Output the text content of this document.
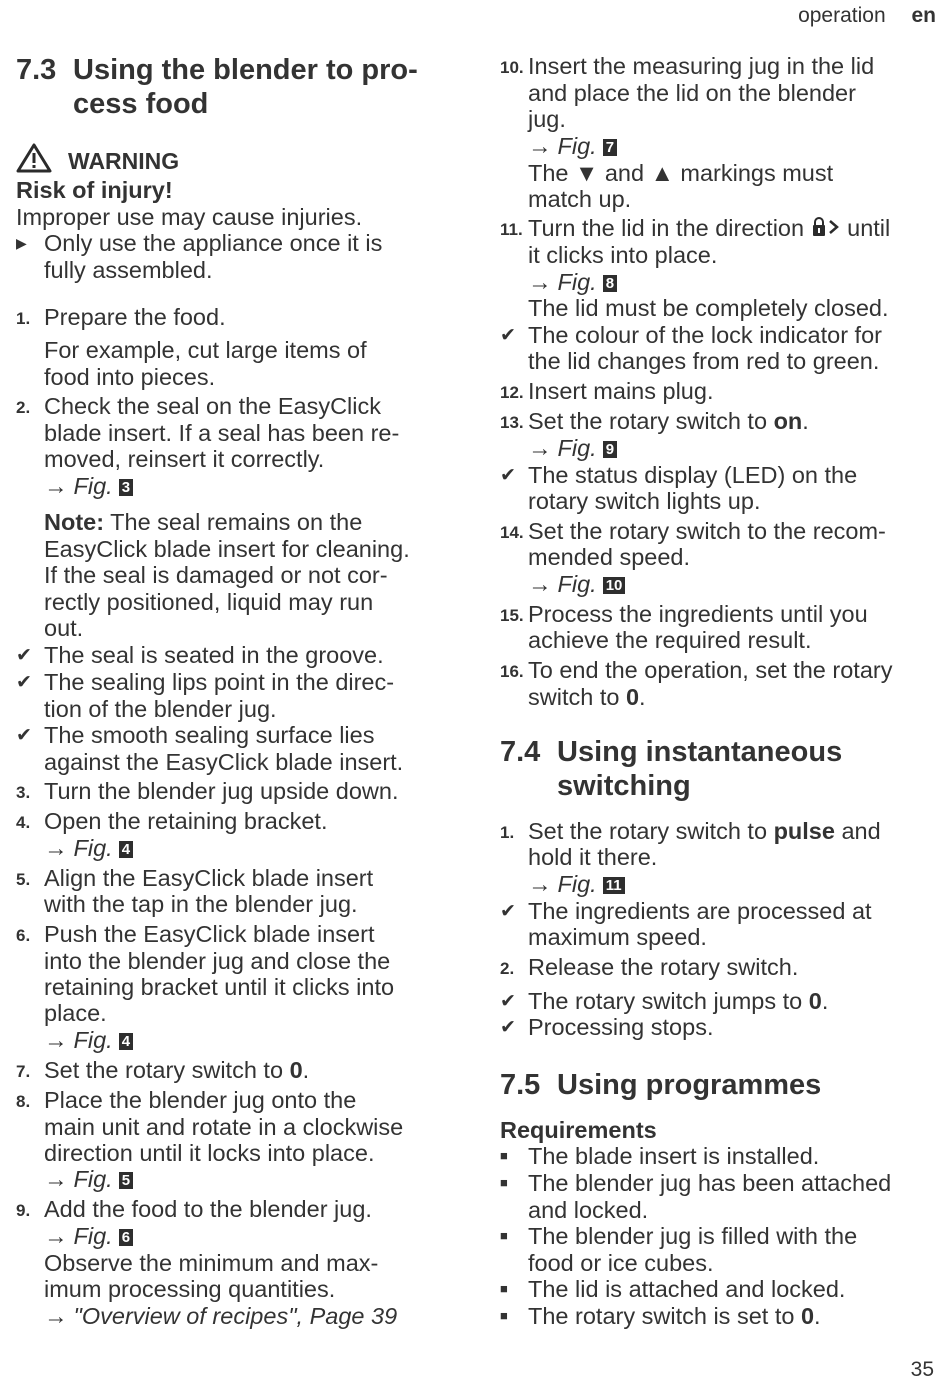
operation en
7.3 Using the blender to pro-cess food
WARNING
Risk of injury!
Improper use may cause injuries.
▶ Only use the appliance once it is
fully assembled.
1. Prepare the food.
For example, cut large items of
food into pieces.
2. Check the seal on the EasyClick
blade insert. If a seal has been re-
moved, reinsert it correctly.
→ Fig. 3
Note: The seal remains on the
EasyClick blade insert for cleaning.
If the seal is damaged or not cor-
rectly positioned, liquid may run
out.
✔ The seal is seated in the groove.
✔ The sealing lips point in the direc-
tion of the blender jug.
✔ The smooth sealing surface lies
against the EasyClick blade insert.
3. Turn the blender jug upside down.
4. Open the retaining bracket.
→ Fig. 4
5. Align the EasyClick blade insert
with the tap in the blender jug.
6. Push the EasyClick blade insert
into the blender jug and close the
retaining bracket until it clicks into
place.
→ Fig. 4
7. Set the rotary switch to 0.
8. Place the blender jug onto the
main unit and rotate in a clockwise
direction until it locks into place.
→ Fig. 5
9. Add the food to the blender jug.
→ Fig. 6
Observe the minimum and max-
imum processing quantities.
→ "Overview of recipes", Page 39
10. Insert the measuring jug in the lid
and place the lid on the blender
jug.
→ Fig. 7
The ▼ and ▲ markings must
match up.
11. Turn the lid in the direction until
it clicks into place.
→ Fig. 8
The lid must be completely closed.
✔ The colour of the lock indicator for
the lid changes from red to green.
12. Insert mains plug.
13. Set the rotary switch to on.
→ Fig. 9
✔ The status display (LED) on the
rotary switch lights up.
14. Set the rotary switch to the recom-
mended speed.
→ Fig. 10
15. Process the ingredients until you
achieve the required result.
16. To end the operation, set the rotary
switch to 0.
7.4 Using instantaneous switching
1. Set the rotary switch to pulse and
hold it there.
→ Fig. 11
✔ The ingredients are processed at
maximum speed.
2. Release the rotary switch.
✔ The rotary switch jumps to 0.
✔ Processing stops.
7.5 Using programmes
Requirements
■ The blade insert is installed.
■ The blender jug has been attached
and locked.
■ The blender jug is filled with the
food or ice cubes.
■ The lid is attached and locked.
■ The rotary switch is set to 0.
35
